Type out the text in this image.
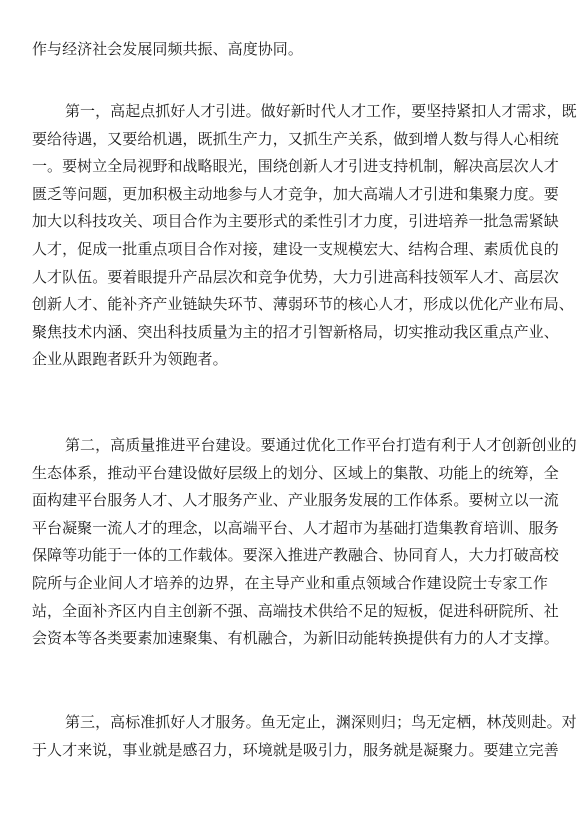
作与经济社会发展同频共振、高度协同。
第一，高起点抓好人才引进。做好新时代人才工作，要坚持紧扣人才需求，既
要给待遇，又要给机遇，既抓生产力，又抓生产关系，做到增人数与得人心相统
一。要树立全局视野和战略眼光，围绕创新人才引进支持机制，解决高层次人才
匮乏等问题，更加积极主动地参与人才竞争，加大高端人才引进和集聚力度。要
加大以科技攻关、项目合作为主要形式的柔性引才力度，引进培养一批急需紧缺
人才，促成一批重点项目合作对接，建设一支规模宏大、结构合理、素质优良的
人才队伍。要着眼提升产品层次和竞争优势，大力引进高科技领军人才、高层次
创新人才、能补齐产业链缺失环节、薄弱环节的核心人才，形成以优化产业布局、
聚焦技术内涵、突出科技质量为主的招才引智新格局，切实推动我区重点产业、
企业从跟跑者跃升为领跑者。
第二，高质量推进平台建设。要通过优化工作平台打造有利于人才创新创业的
生态体系，推动平台建设做好层级上的划分、区域上的集散、功能上的统筹，全
面构建平台服务人才、人才服务产业、产业服务发展的工作体系。要树立以一流
平台凝聚一流人才的理念，以高端平台、人才超市为基础打造集教育培训、服务
保障等功能于一体的工作载体。要深入推进产教融合、协同育人，大力打破高校
院所与企业间人才培养的边界，在主导产业和重点领域合作建设院士专家工作
站，全面补齐区内自主创新不强、高端技术供给不足的短板，促进科研院所、社
会资本等各类要素加速聚集、有机融合，为新旧动能转换提供有力的人才支撑。
第三，高标准抓好人才服务。鱼无定止，渊深则归；鸟无定栖，林茂则赴。对
于人才来说，事业就是感召力，环境就是吸引力，服务就是凝聚力。要建立完善
